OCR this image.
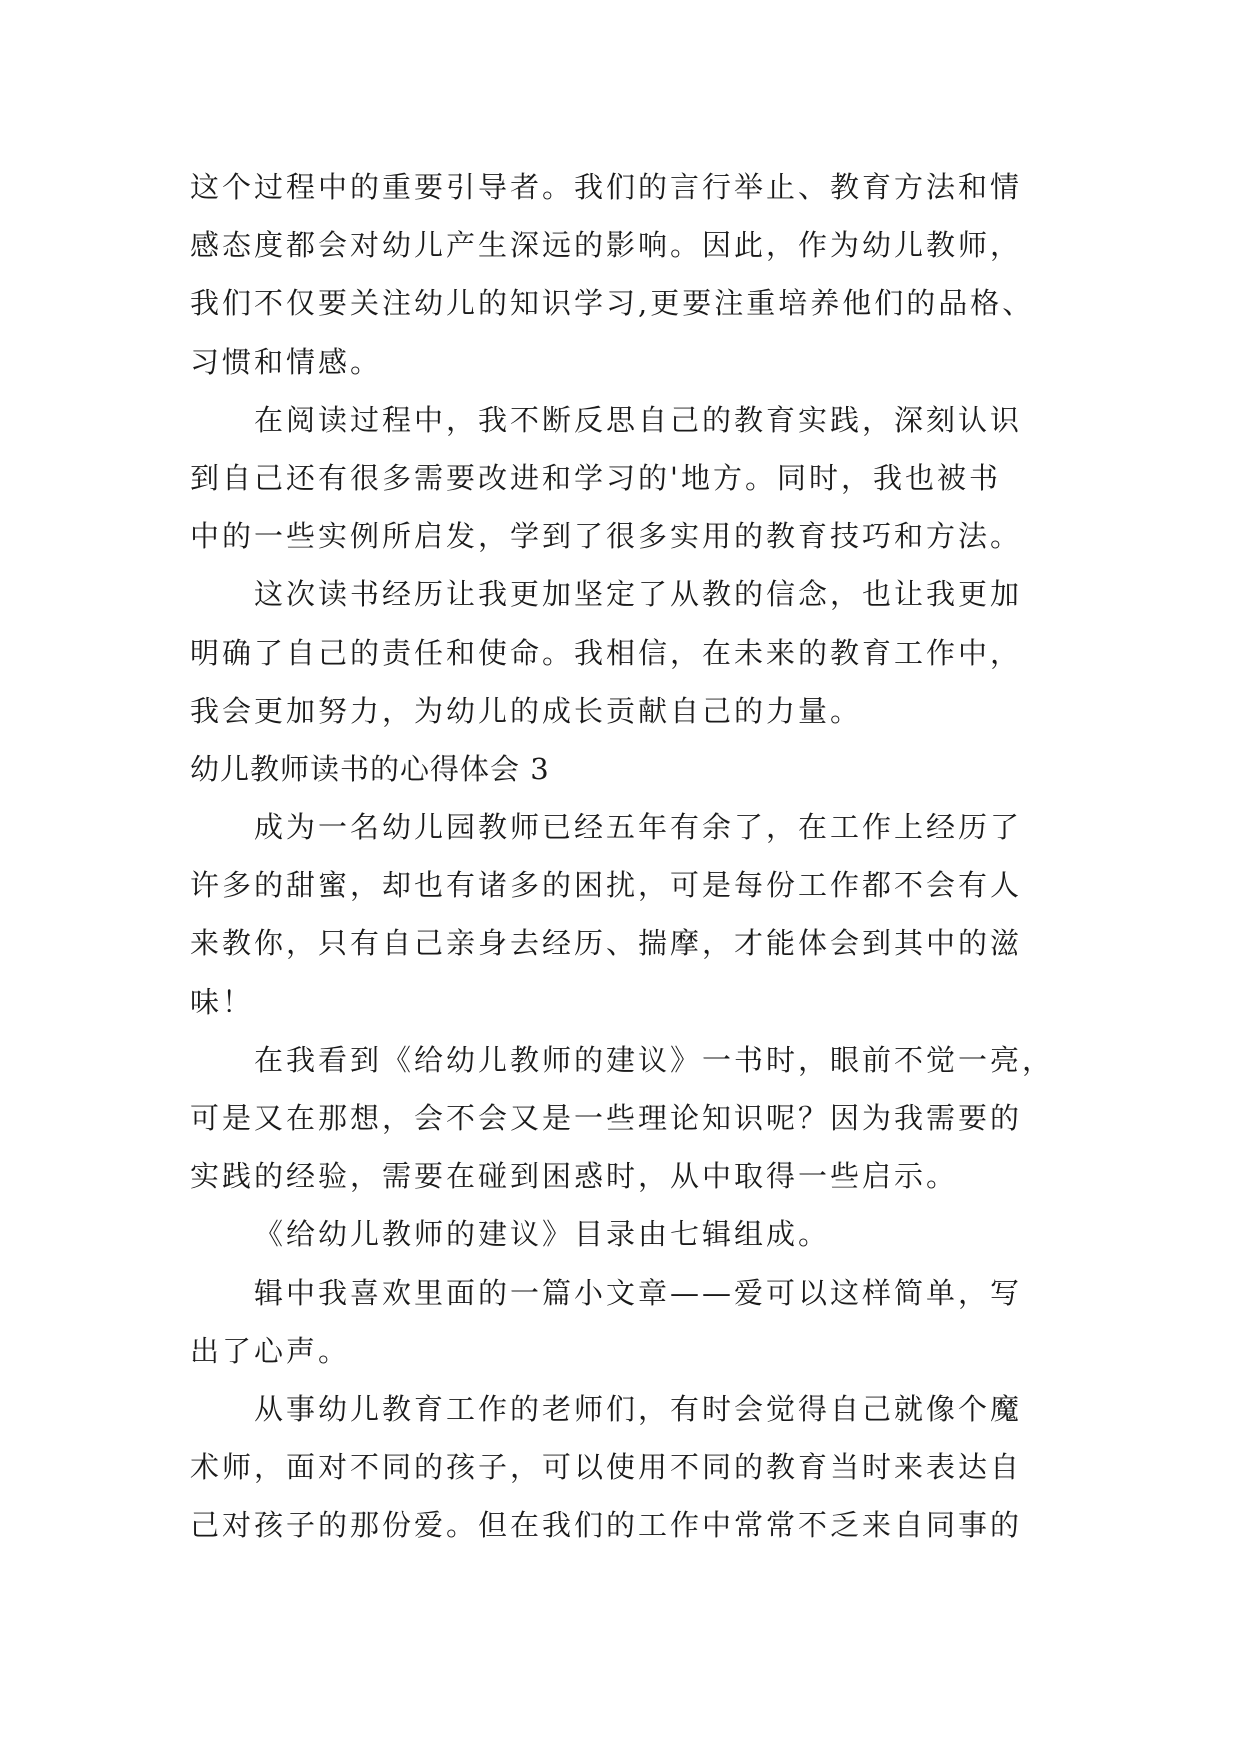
这个过程中的重要引导者。我们的言行举止、教育方法和情
感态度都会对幼儿产生深远的影响。因此，作为幼儿教师，
我们不仅要关注幼儿的知识学习,更要注重培养他们的品格、
习惯和情感。
在阅读过程中，我不断反思自己的教育实践，深刻认识
到自己还有很多需要改进和学习的'地方。同时，我也被书
中的一些实例所启发，学到了很多实用的教育技巧和方法。
这次读书经历让我更加坚定了从教的信念，也让我更加
明确了自己的责任和使命。我相信，在未来的教育工作中，
我会更加努力，为幼儿的成长贡献自己的力量。
幼儿教师读书的心得体会 3
成为一名幼儿园教师已经五年有余了，在工作上经历了
许多的甜蜜，却也有诸多的困扰，可是每份工作都不会有人
来教你，只有自己亲身去经历、揣摩，才能体会到其中的滋
味！
在我看到《给幼儿教师的建议》一书时，眼前不觉一亮，
可是又在那想，会不会又是一些理论知识呢？因为我需要的
实践的经验，需要在碰到困惑时，从中取得一些启示。
《给幼儿教师的建议》目录由七辑组成。
辑中我喜欢里面的一篇小文章——爱可以这样简单，写
出了心声。
从事幼儿教育工作的老师们，有时会觉得自己就像个魔
术师，面对不同的孩子，可以使用不同的教育当时来表达自
己对孩子的那份爱。但在我们的工作中常常不乏来自同事的
